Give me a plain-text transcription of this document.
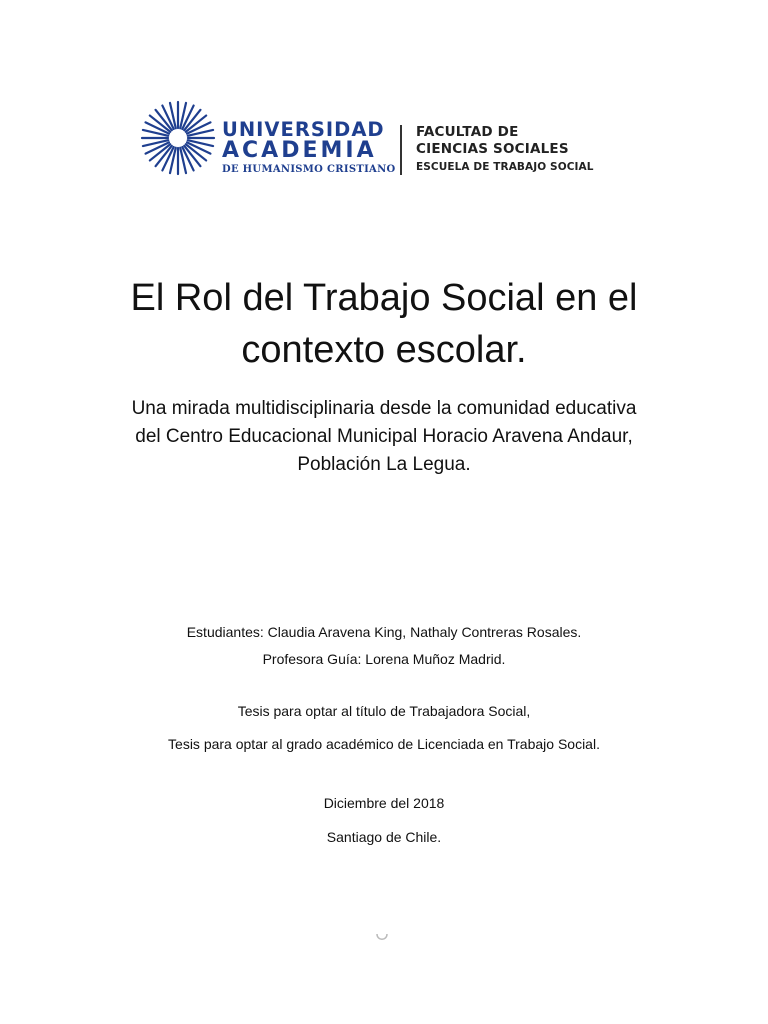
UNIVERSIDAD
ACADEMIA
DE HUMANISMO CRISTIANO
FACULTAD DE
CIENCIAS SOCIALES
ESCUELA DE TRABAJO SOCIAL
El Rol del Trabajo Social en el
contexto escolar.
Una mirada multidisciplinaria desde la comunidad educativa
del Centro Educacional Municipal Horacio Aravena Andaur,
Población La Legua.
Estudiantes: Claudia Aravena King, Nathaly Contreras Rosales.
Profesora Guía: Lorena Muñoz Madrid.
Tesis para optar al título de Trabajadora Social,
Tesis para optar al grado académico de Licenciada en Trabajo Social.
Diciembre del 2018
Santiago de Chile.
